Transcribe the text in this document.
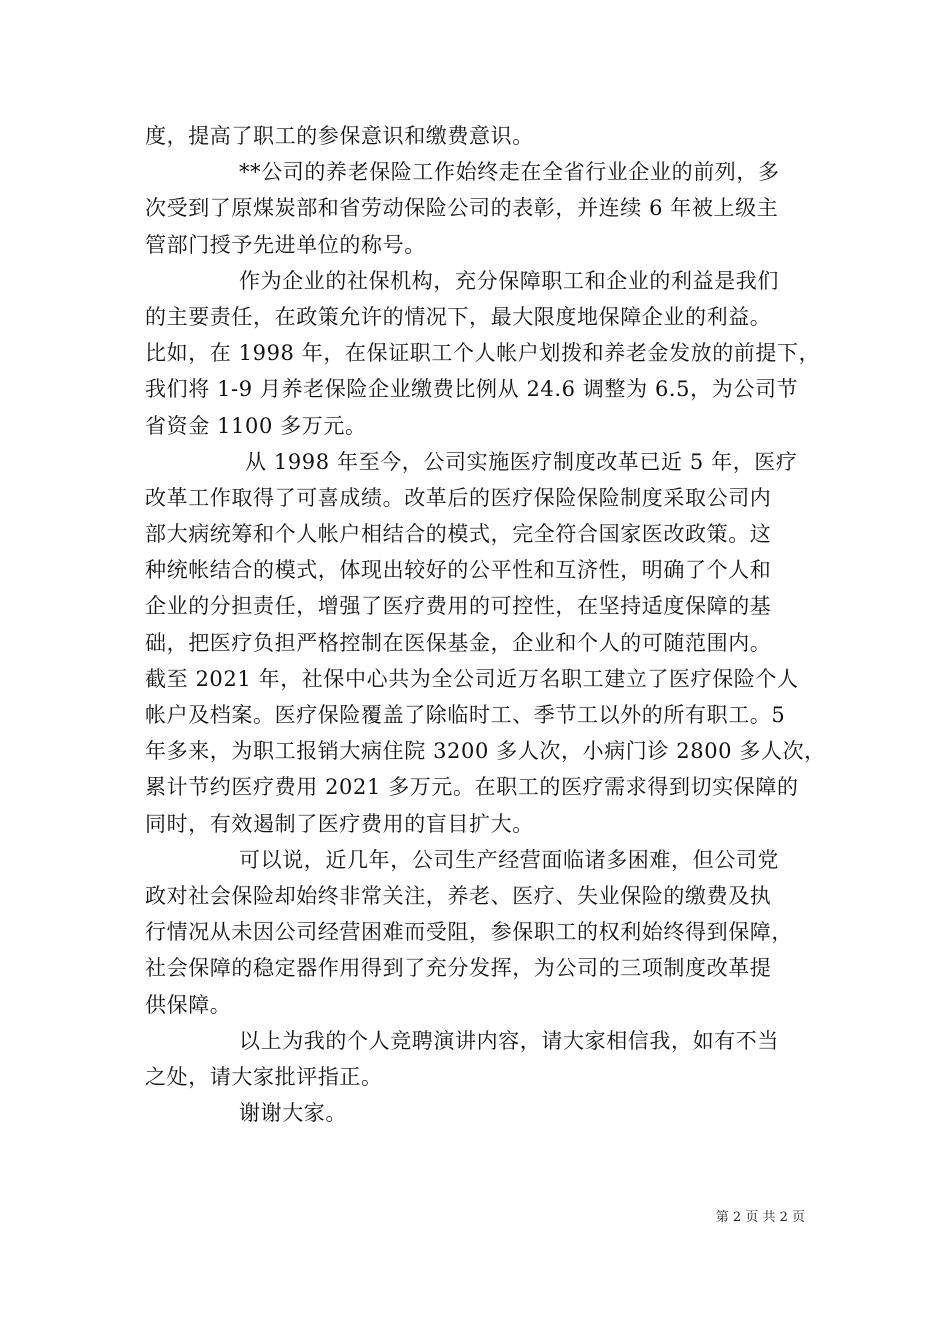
度，提高了职工的参保意识和缴费意识。
**公司的养老保险工作始终走在全省行业企业的前列，多
次受到了原煤炭部和省劳动保险公司的表彰，并连续 6 年被上级主
管部门授予先进单位的称号。
作为企业的社保机构，充分保障职工和企业的利益是我们
的主要责任，在政策允许的情况下，最大限度地保障企业的利益。
比如，在 1998 年，在保证职工个人帐户划拨和养老金发放的前提下，
我们将 1-9 月养老保险企业缴费比例从 24.6 调整为 6.5，为公司节
省资金 1100 多万元。
从 1998 年至今，公司实施医疗制度改革已近 5 年，医疗
改革工作取得了可喜成绩。改革后的医疗保险保险制度采取公司内
部大病统筹和个人帐户相结合的模式，完全符合国家医改政策。这
种统帐结合的模式，体现出较好的公平性和互济性，明确了个人和
企业的分担责任，增强了医疗费用的可控性，在坚持适度保障的基
础，把医疗负担严格控制在医保基金，企业和个人的可随范围内。
截至 2021 年，社保中心共为全公司近万名职工建立了医疗保险个人
帐户及档案。医疗保险覆盖了除临时工、季节工以外的所有职工。5
年多来，为职工报销大病住院 3200 多人次，小病门诊 2800 多人次，
累计节约医疗费用 2021 多万元。在职工的医疗需求得到切实保障的
同时，有效遏制了医疗费用的盲目扩大。
可以说，近几年，公司生产经营面临诸多困难，但公司党
政对社会保险却始终非常关注，养老、医疗、失业保险的缴费及执
行情况从未因公司经营困难而受阻，参保职工的权利始终得到保障，
社会保障的稳定器作用得到了充分发挥，为公司的三项制度改革提
供保障。
以上为我的个人竞聘演讲内容，请大家相信我，如有不当
之处，请大家批评指正。
谢谢大家。
第 2 页 共 2 页
